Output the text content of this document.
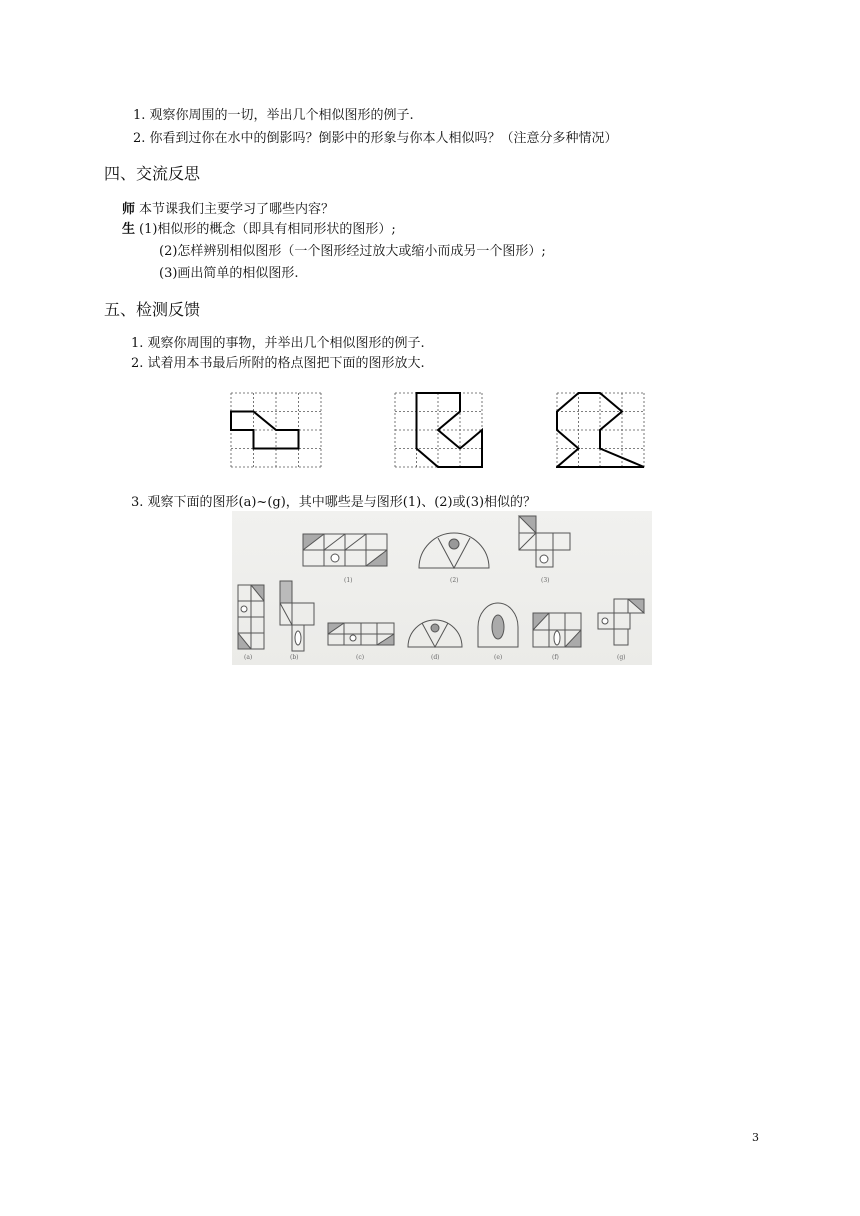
1. 观察你周围的一切，举出几个相似图形的例子.
2. 你看到过你在水中的倒影吗？倒影中的形象与你本人相似吗？（注意分多种情况）
四、交流反思
师 本节课我们主要学习了哪些内容？
生 (1)相似形的概念（即具有相同形状的图形）;
(2)怎样辨别相似图形（一个图形经过放大或缩小而成另一个图形）;
(3)画出简单的相似图形.
五、检测反馈
1. 观察你周围的事物，并举出几个相似图形的例子.
2. 试着用本书最后所附的格点图把下面的图形放大.
3. 观察下面的图形(a)~(g)，其中哪些是与图形(1)、(2)或(3)相似的？
(1)	(2)	(3)
(a)	(b)	(c)	(d)	(e)	(f)	(g)
3
